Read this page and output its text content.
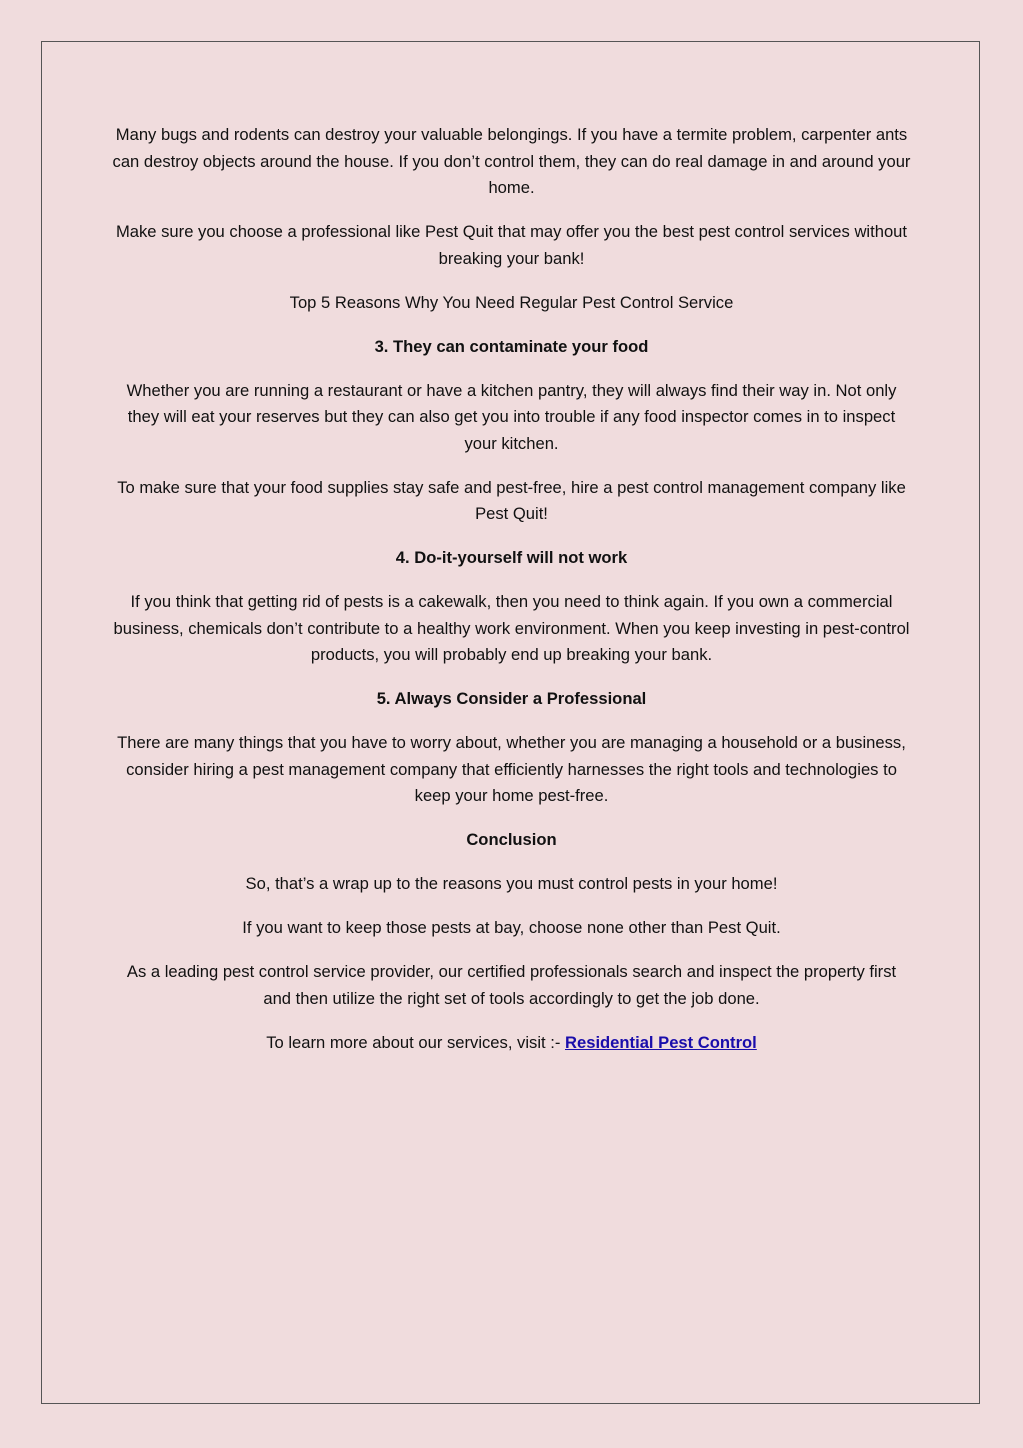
Many bugs and rodents can destroy your valuable belongings. If you have a termite problem, carpenter ants can destroy objects around the house. If you don’t control them, they can do real damage in and around your home.

Make sure you choose a professional like Pest Quit that may offer you the best pest control services without breaking your bank!

Top 5 Reasons Why You Need Regular Pest Control Service

3. They can contaminate your food

Whether you are running a restaurant or have a kitchen pantry, they will always find their way in. Not only they will eat your reserves but they can also get you into trouble if any food inspector comes in to inspect your kitchen.

To make sure that your food supplies stay safe and pest-free, hire a pest control management company like Pest Quit!

4. Do-it-yourself will not work

If you think that getting rid of pests is a cakewalk, then you need to think again. If you own a commercial business, chemicals don’t contribute to a healthy work environment. When you keep investing in pest-control products, you will probably end up breaking your bank.

5. Always Consider a Professional

There are many things that you have to worry about, whether you are managing a household or a business, consider hiring a pest management company that efficiently harnesses the right tools and technologies to keep your home pest-free.

Conclusion

So, that’s a wrap up to the reasons you must control pests in your home!

If you want to keep those pests at bay, choose none other than Pest Quit.

As a leading pest control service provider, our certified professionals search and inspect the property first and then utilize the right set of tools accordingly to get the job done.

To learn more about our services, visit :- Residential Pest Control
